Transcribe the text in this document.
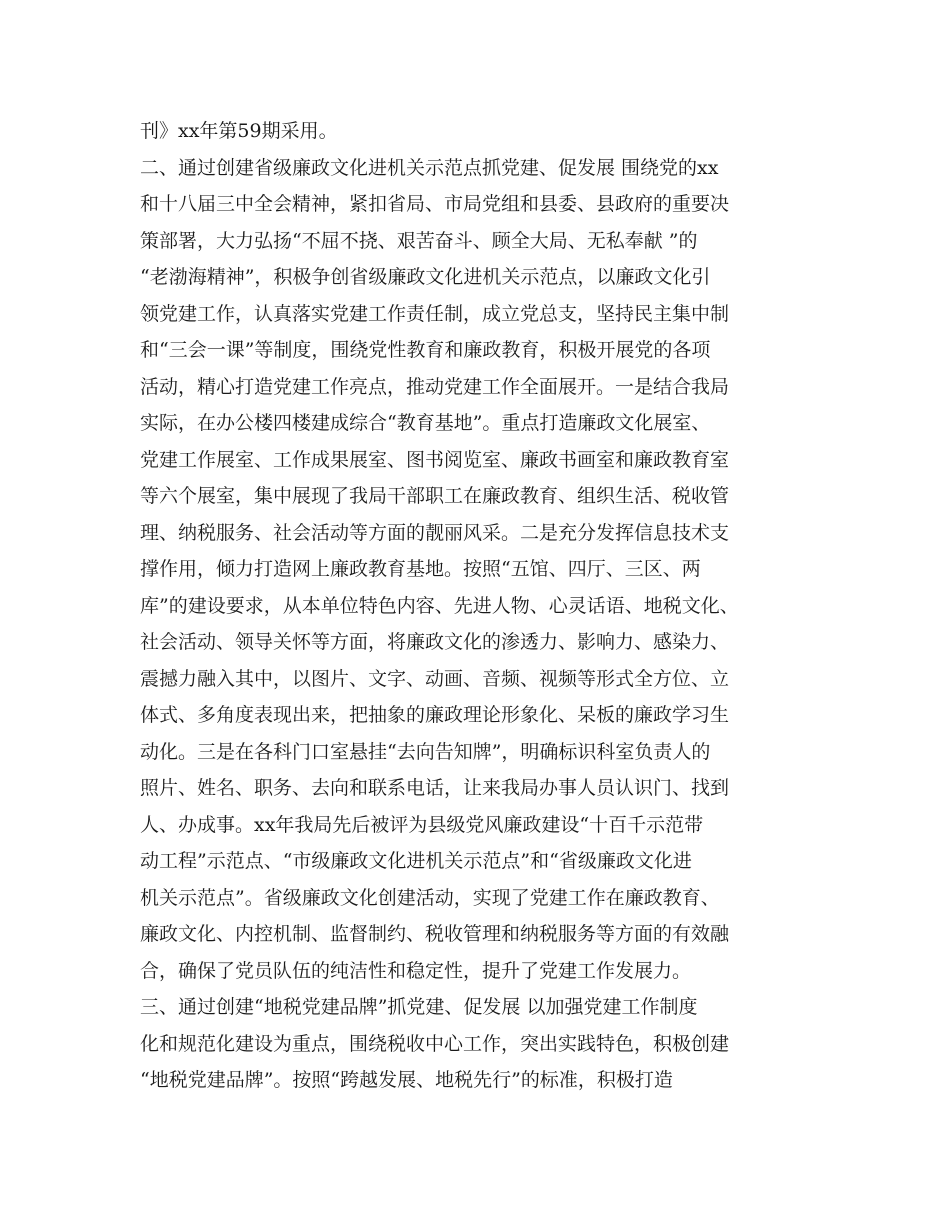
刊》xx年第59期采用。
二、通过创建省级廉政文化进机关示范点抓党建、促发展 围绕党的xx
和十八届三中全会精神，紧扣省局、市局党组和县委、县政府的重要决
策部署，大力弘扬“不屈不挠、艰苦奋斗、顾全大局、无私奉献 ”的
“老渤海精神”，积极争创省级廉政文化进机关示范点，以廉政文化引
领党建工作，认真落实党建工作责任制，成立党总支，坚持民主集中制
和“三会一课”等制度，围绕党性教育和廉政教育，积极开展党的各项
活动，精心打造党建工作亮点，推动党建工作全面展开。一是结合我局
实际，在办公楼四楼建成综合“教育基地”。重点打造廉政文化展室、
党建工作展室、工作成果展室、图书阅览室、廉政书画室和廉政教育室
等六个展室，集中展现了我局干部职工在廉政教育、组织生活、税收管
理、纳税服务、社会活动等方面的靓丽风采。二是充分发挥信息技术支
撑作用，倾力打造网上廉政教育基地。按照“五馆、四厅、三区、两
库”的建设要求，从本单位特色内容、先进人物、心灵话语、地税文化、
社会活动、领导关怀等方面，将廉政文化的渗透力、影响力、感染力、
震撼力融入其中，以图片、文字、动画、音频、视频等形式全方位、立
体式、多角度表现出来，把抽象的廉政理论形象化、呆板的廉政学习生
动化。三是在各科门口室悬挂“去向告知牌”，明确标识科室负责人的
照片、姓名、职务、去向和联系电话，让来我局办事人员认识门、找到
人、办成事。xx年我局先后被评为县级党风廉政建设“十百千示范带
动工程”示范点、“市级廉政文化进机关示范点”和“省级廉政文化进
机关示范点”。省级廉政文化创建活动，实现了党建工作在廉政教育、
廉政文化、内控机制、监督制约、税收管理和纳税服务等方面的有效融
合，确保了党员队伍的纯洁性和稳定性，提升了党建工作发展力。
三、通过创建“地税党建品牌”抓党建、促发展 以加强党建工作制度
化和规范化建设为重点，围绕税收中心工作，突出实践特色，积极创建
“地税党建品牌”。按照“跨越发展、地税先行”的标准，积极打造
